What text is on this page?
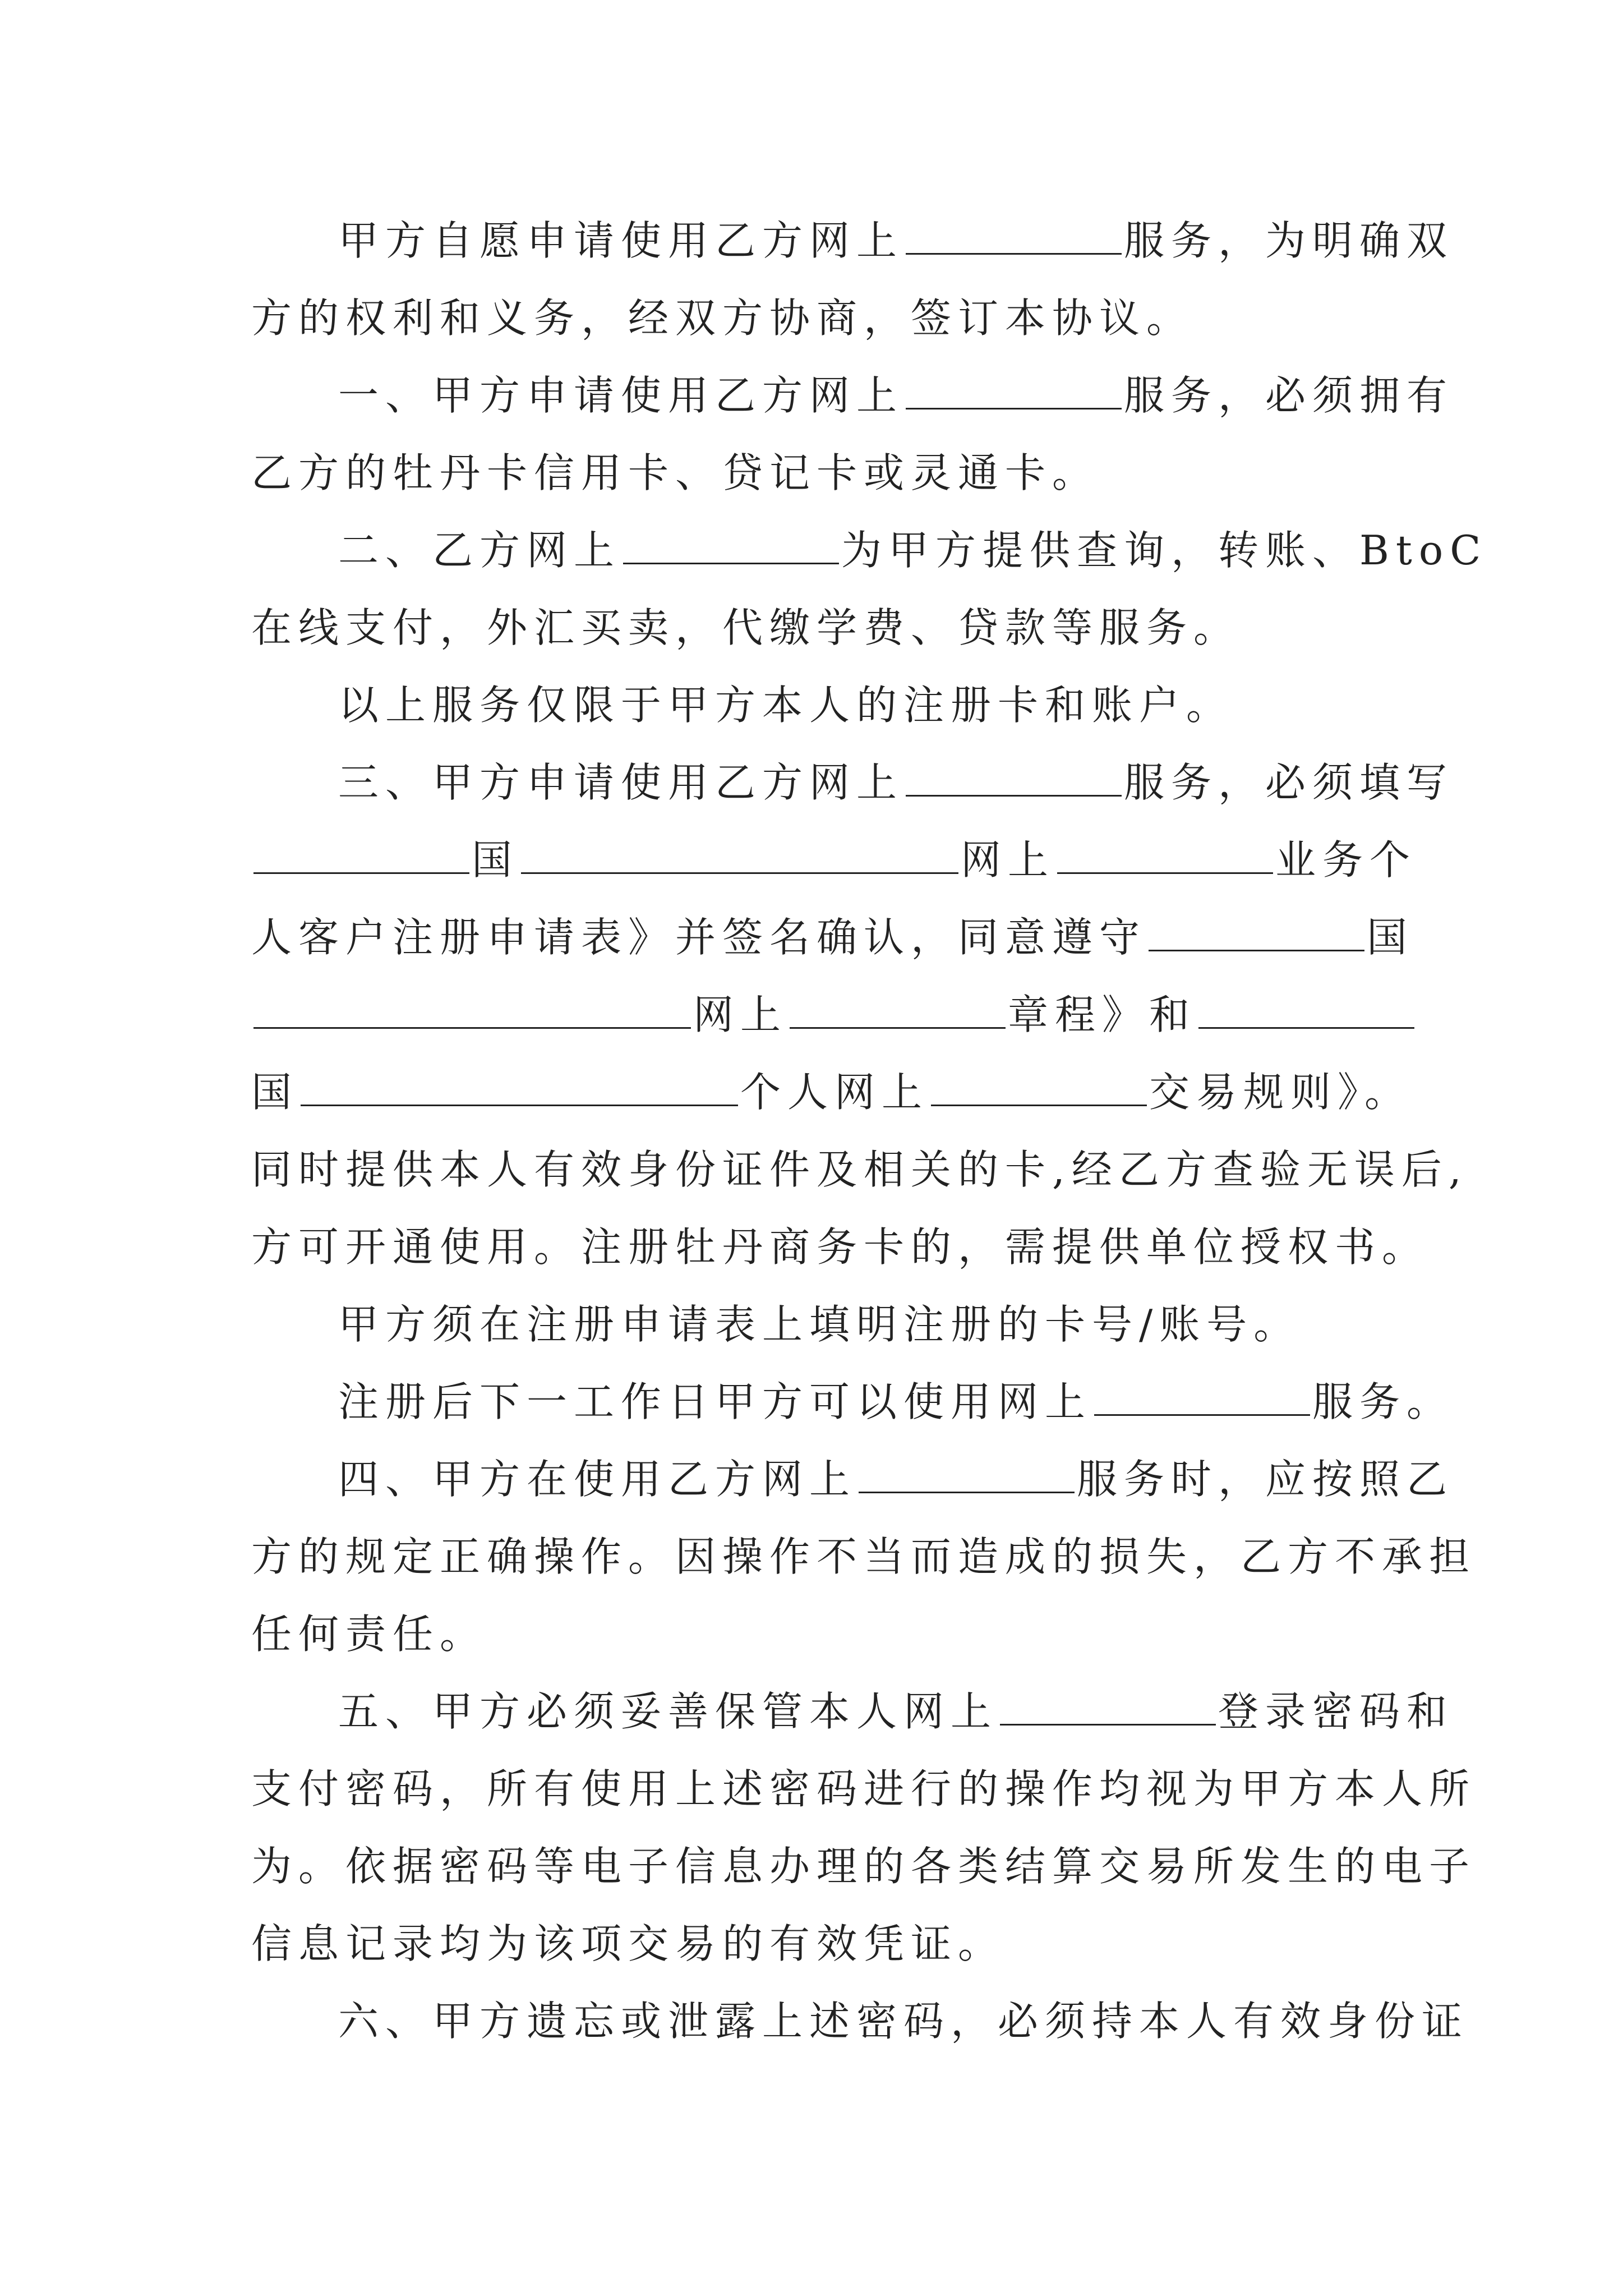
甲方自愿申请使用乙方网上	服务，为明确双
方的权利和义务，经双方协商，签订本协议。
一、甲方申请使用乙方网上	服务，必须拥有
乙方的牡丹卡信用卡、贷记卡或灵通卡。
二、乙方网上	为甲方提供查询，转账、BtoC
在线支付，外汇买卖，代缴学费、贷款等服务。
以上服务仅限于甲方本人的注册卡和账户。
三、甲方申请使用乙方网上	服务，必须填写
国	网上	业务个
人客户注册申请表》并签名确认，同意遵守	国
网上	章程》和
国	个人网上	交易规则》。
同时提供本人有效身份证件及相关的卡,经乙方查验无误后,
方可开通使用。注册牡丹商务卡的，需提供单位授权书。
甲方须在注册申请表上填明注册的卡号/账号。
注册后下一工作日甲方可以使用网上	服务。
四、甲方在使用乙方网上	服务时，应按照乙
方的规定正确操作。因操作不当而造成的损失，乙方不承担
任何责任。
五、甲方必须妥善保管本人网上	登录密码和
支付密码，所有使用上述密码进行的操作均视为甲方本人所
为。依据密码等电子信息办理的各类结算交易所发生的电子
信息记录均为该项交易的有效凭证。
六、甲方遗忘或泄露上述密码，必须持本人有效身份证
